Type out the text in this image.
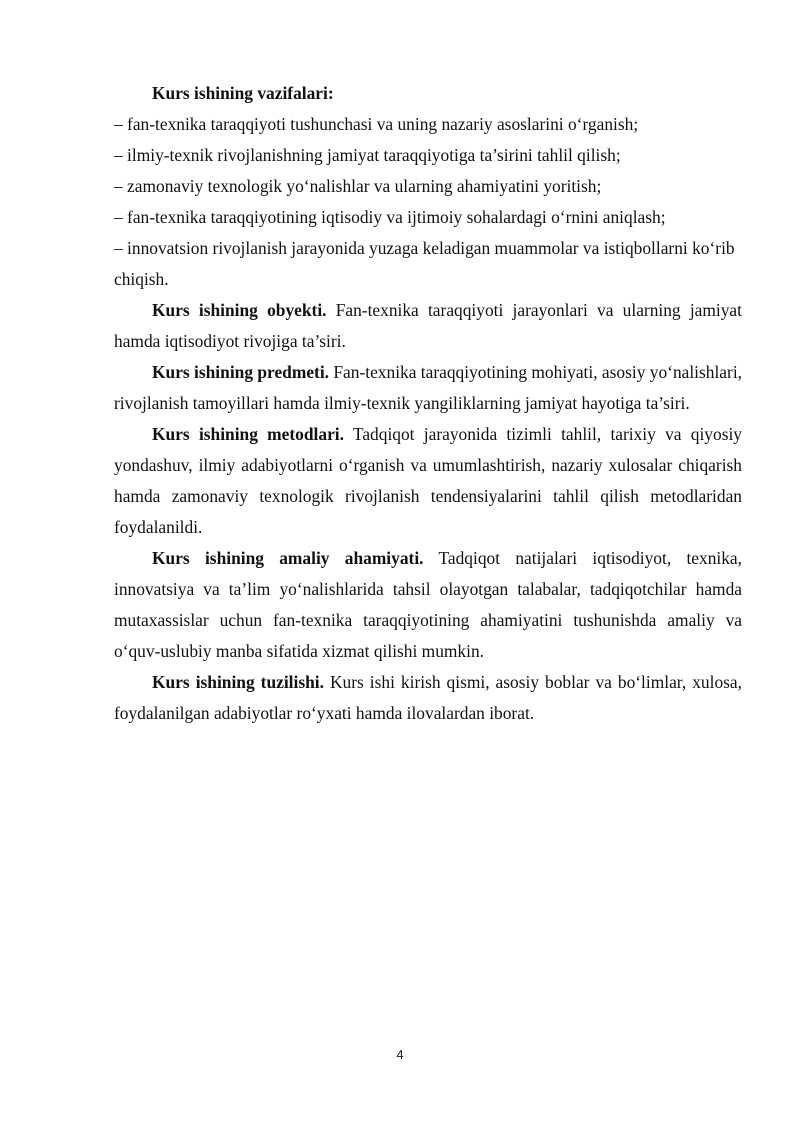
Kurs ishining vazifalari:

– fan-texnika taraqqiyoti tushunchasi va uning nazariy asoslarini o‘rganish;
– ilmiy-texnik rivojlanishning jamiyat taraqqiyotiga ta’sirini tahlil qilish;
– zamonaviy texnologik yo‘nalishlar va ularning ahamiyatini yoritish;
– fan-texnika taraqqiyotining iqtisodiy va ijtimoiy sohalardagi o‘rnini aniqlash;
– innovatsion rivojlanish jarayonida yuzaga keladigan muammolar va istiqbollarni ko‘rib chiqish.

Kurs ishining obyekti. Fan-texnika taraqqiyoti jarayonlari va ularning jamiyat hamda iqtisodiyot rivojiga ta’siri.

Kurs ishining predmeti. Fan-texnika taraqqiyotining mohiyati, asosiy yo‘nalishlari, rivojlanish tamoyillari hamda ilmiy-texnik yangiliklarning jamiyat hayotiga ta’siri.

Kurs ishining metodlari. Tadqiqot jarayonida tizimli tahlil, tarixiy va qiyosiy yondashuv, ilmiy adabiyotlarni o‘rganish va umumlashtirish, nazariy xulosalar chiqarish hamda zamonaviy texnologik rivojlanish tendensiyalarini tahlil qilish metodlaridan foydalanildi.

Kurs ishining amaliy ahamiyati. Tadqiqot natijalari iqtisodiyot, texnika, innovatsiya va ta’lim yo‘nalishlarida tahsil olayotgan talabalar, tadqiqotchilar hamda mutaxassislar uchun fan-texnika taraqqiyotining ahamiyatini tushunishda amaliy va o‘quv-uslubiy manba sifatida xizmat qilishi mumkin.

Kurs ishining tuzilishi. Kurs ishi kirish qismi, asosiy boblar va bo‘limlar, xulosa, foydalanilgan adabiyotlar ro‘yxati hamda ilovalardan iborat.

4
